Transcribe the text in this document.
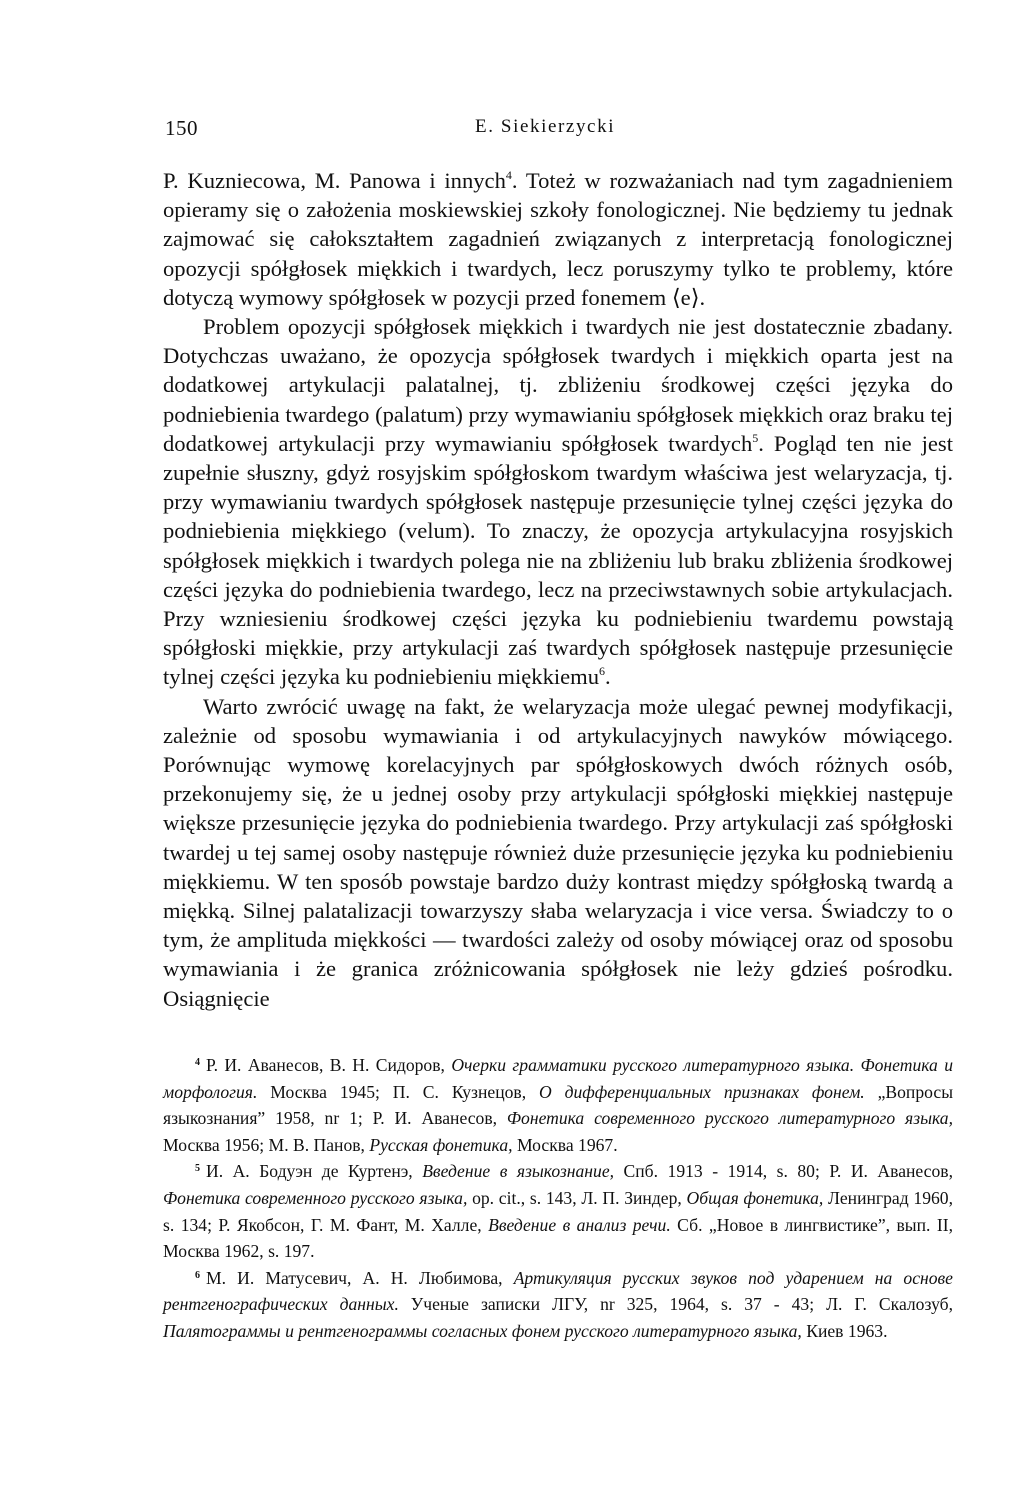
150	E. Siekierzycki

P. Kuzniecowa, M. Panowa i innych$^4$. Toteż w rozważaniach nad tym zagadnieniem opieramy się o założenia moskiewskiej szkoły fonologicznej. Nie będziemy tu jednak zajmować się całokształtem zagadnień związanych z interpretacją fonologicznej opozycji spółgłosek miękkich i twardych, lecz poruszymy tylko te problemy, które dotyczą wymowy spółgłosek w pozycji przed fonemem ⟨e⟩.

Problem opozycji spółgłosek miękkich i twardych nie jest dostatecznie zbadany. Dotychczas uważano, że opozycja spółgłosek twardych i miękkich oparta jest na dodatkowej artykulacji palatalnej, tj. zbliżeniu środkowej części języka do podniebienia twardego (palatum) przy wymawianiu spółgłosek miękkich oraz braku tej dodatkowej artykulacji przy wymawianiu spółgłosek twardych$^5$. Pogląd ten nie jest zupełnie słuszny, gdyż rosyjskim spółgłoskom twardym właściwa jest welaryzacja, tj. przy wymawianiu twardych spółgłosek następuje przesunięcie tylnej części języka do podniebienia miękkiego (velum). To znaczy, że opozycja artykulacyjna rosyjskich spółgłosek miękkich i twardych polega nie na zbliżeniu lub braku zbliżenia środkowej części języka do podniebienia twardego, lecz na przeciwstawnych sobie artykulacjach. Przy wzniesieniu środkowej części języka ku podniebieniu twardemu powstają spółgłoski miękkie, przy artykulacji zaś twardych spółgłosek następuje przesunięcie tylnej części języka ku podniebieniu miękkiemu$^6$.

Warto zwrócić uwagę na fakt, że welaryzacja może ulegać pewnej modyfikacji, zależnie od sposobu wymawiania i od artykulacyjnych nawyków mówiącego. Porównując wymowę korelacyjnych par spółgłoskowych dwóch różnych osób, przekonujemy się, że u jednej osoby przy artykulacji spółgłoski miękkiej następuje większe przesunięcie języka do podniebienia twardego. Przy artykulacji zaś spółgłoski twardej u tej samej osoby następuje również duże przesunięcie języka ku podniebieniu miękkiemu. W ten sposób powstaje bardzo duży kontrast między spółgłoską twardą a miękką. Silnej palatalizacji towarzyszy słaba welaryzacja i vice versa. Świadczy to o tym, że amplituda miękkości — twardości zależy od osoby mówiącej oraz od sposobu wymawiania i że granica zróżnicowania spółgłosek nie leży gdzieś pośrodku. Osiągnięcie

$^4$ Р. И. Аванесов, В. Н. Сидоров, Очерки грамматики русского литературного языка. Фонетика и морфология. Москва 1945; П. С. Кузнецов, О дифференциальных признаках фонем. „Вопросы языкознания” 1958, nr 1; Р. И. Аванесов, Фонетика современного русского литературного языка, Москва 1956; М. В. Панов, Русская фонетика, Москва 1967.

$^5$ И. А. Бодуэн де Куртенэ, Введение в языкознание, Спб. 1913 - 1914, s. 80; Р. И. Аванесов, Фонетика современного русского языка, op. cit., s. 143, Л. П. Зиндер, Общая фонетика, Ленинград 1960, s. 134; Р. Якобсон, Г. М. Фант, М. Халле, Введение в анализ речи. Сб. „Новое в лингвистике”, вып. II, Москва 1962, s. 197.

$^6$ М. И. Матусевич, А. Н. Любимова, Артикуляция русских звуков под ударением на основе рентгенографических данных. Ученые записки ЛГУ, nr 325, 1964, s. 37 - 43; Л. Г. Скалозуб, Палятограммы и рентгенограммы согласных фонем русского литературного языка, Киев 1963.
